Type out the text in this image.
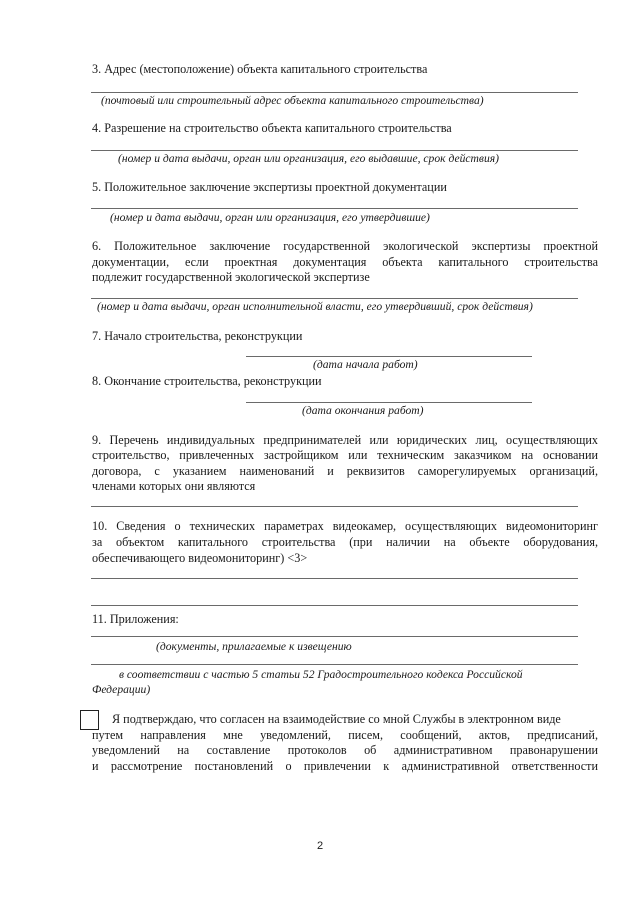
3. Адрес (местоположение) объекта капитального строительства
(почтовый или строительный адрес объекта капитального строительства)
4. Разрешение на строительство объекта капитального строительства
(номер и дата выдачи, орган или организация, его выдавшие, срок действия)
5. Положительное заключение экспертизы проектной документации
(номер и дата выдачи, орган или организация, его утвердившие)
6. Положительное заключение государственной экологической экспертизы проектной
документации, если проектная документация объекта капитального строительства
подлежит государственной экологической экспертизе
(номер и дата выдачи, орган исполнительной власти, его утвердивший, срок действия)
7. Начало строительства, реконструкции
(дата начала работ)
8. Окончание строительства, реконструкции
(дата окончания работ)
9. Перечень индивидуальных предпринимателей или юридических лиц, осуществляющих
строительство, привлеченных застройщиком или техническим заказчиком на основании
договора, с указанием наименований и реквизитов саморегулируемых организаций,
членами которых они являются
10. Сведения о технических параметрах видеокамер, осуществляющих видеомониторинг
за объектом капитального строительства (при наличии на объекте оборудования,
обеспечивающего видеомониторинг) <3>
11. Приложения:
(документы, прилагаемые к извещению
в соответствии с частью 5 статьи 52 Градостроительного кодекса Российской
Федерации)
Я подтверждаю, что согласен на взаимодействие со мной Службы в электронном виде
путем направления мне уведомлений, писем, сообщений, актов, предписаний,
уведомлений на составление протоколов об административном правонарушении
и рассмотрение постановлений о привлечении к административной ответственности
2
